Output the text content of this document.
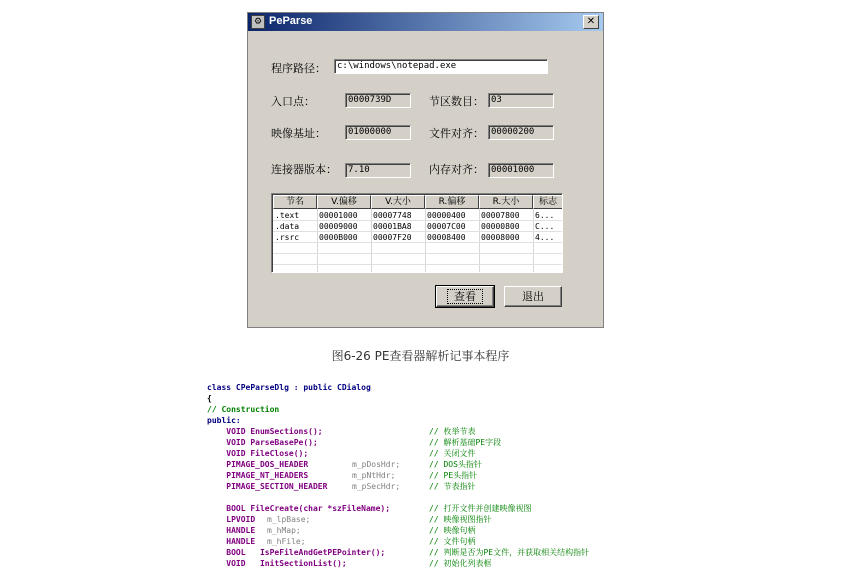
⚙ PeParse	✕
程序路径：	c:\windows\notepad.exe
入口点：	0000739D	节区数目： 03
映像基址：	01000000	文件对齐： 00000200
连接器版本：	7.10	内存对齐： 00001000
节名	V.偏移	V.大小	R.偏移	R.大小	标志
.text	00001000	00007748	00000400	00007800	6...
.data	00009000	00001BA8	00007C00	00000800	C...
.rsrc	0000B000	00007F20	00008400	00008000	4...
查看	退出
图6-26 PE查看器解析记事本程序
class CPeParseDlg : public CDialog
{
// Construction
public:
VOID EnumSections();	// 枚举节表
VOID ParseBasePe();	// 解析基础PE字段
VOID FileClose();	// 关闭文件
PIMAGE_DOS_HEADER	m_pDosHdr;	// DOS头指针
PIMAGE_NT_HEADERS	m_pNtHdr;	// PE头指针
PIMAGE_SECTION_HEADER	m_pSecHdr;	// 节表指针
BOOL FileCreate(char *szFileName);	// 打开文件并创建映像视图
LPVOID m_lpBase;	// 映像视图指针
HANDLE m_hMap;	// 映像句柄
HANDLE m_hFile;	// 文件句柄
BOOL   IsPeFileAndGetPEPointer();	// 判断是否为PE文件，并获取相关结构指针
VOID   InitSectionList();	// 初始化列表框
